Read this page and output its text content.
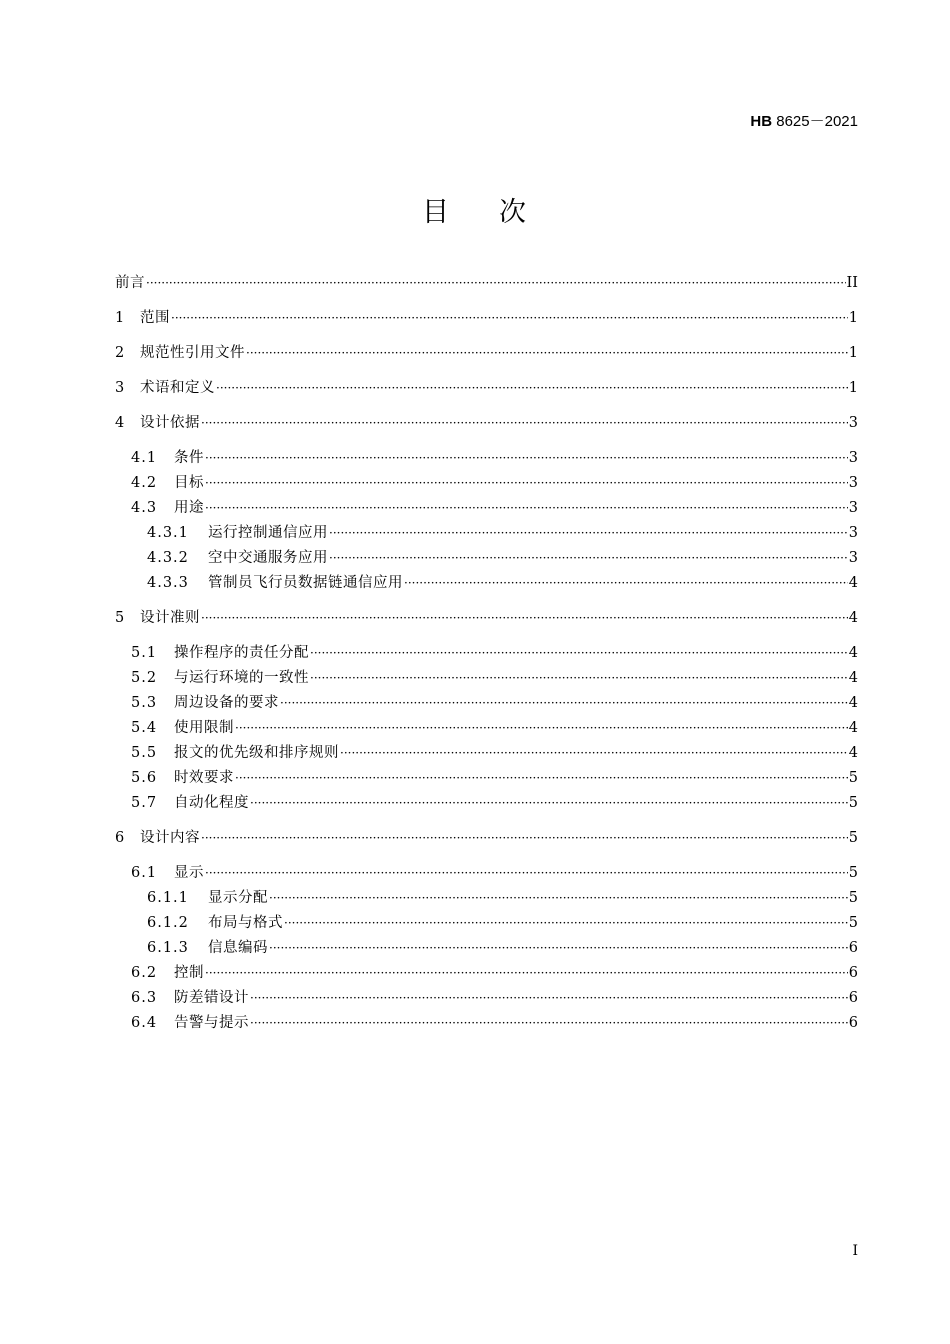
HB 8625－2021
目 次
前言 ·····	II
1	范围 ·····	1
2	规范性引用文件 ·····	1
3	术语和定义 ·····	1
4	设计依据 ·····	3
4.1	条件 ·····	3
4.2	目标 ·····	3
4.3	用途 ·····	3
4.3.1	运行控制通信应用 ·····	3
4.3.2	空中交通服务应用 ·····	3
4.3.3	管制员飞行员数据链通信应用 ·····	4
5	设计准则 ·····	4
5.1	操作程序的责任分配 ·····	4
5.2	与运行环境的一致性 ·····	4
5.3	周边设备的要求 ·····	4
5.4	使用限制 ·····	4
5.5	报文的优先级和排序规则 ·····	4
5.6	时效要求 ·····	5
5.7	自动化程度 ·····	5
6	设计内容 ·····	5
6.1	显示 ·····	5
6.1.1	显示分配 ·····	5
6.1.2	布局与格式 ·····	5
6.1.3	信息编码 ·····	6
6.2	控制 ·····	6
6.3	防差错设计 ·····	6
6.4	告警与提示 ·····	6
I
